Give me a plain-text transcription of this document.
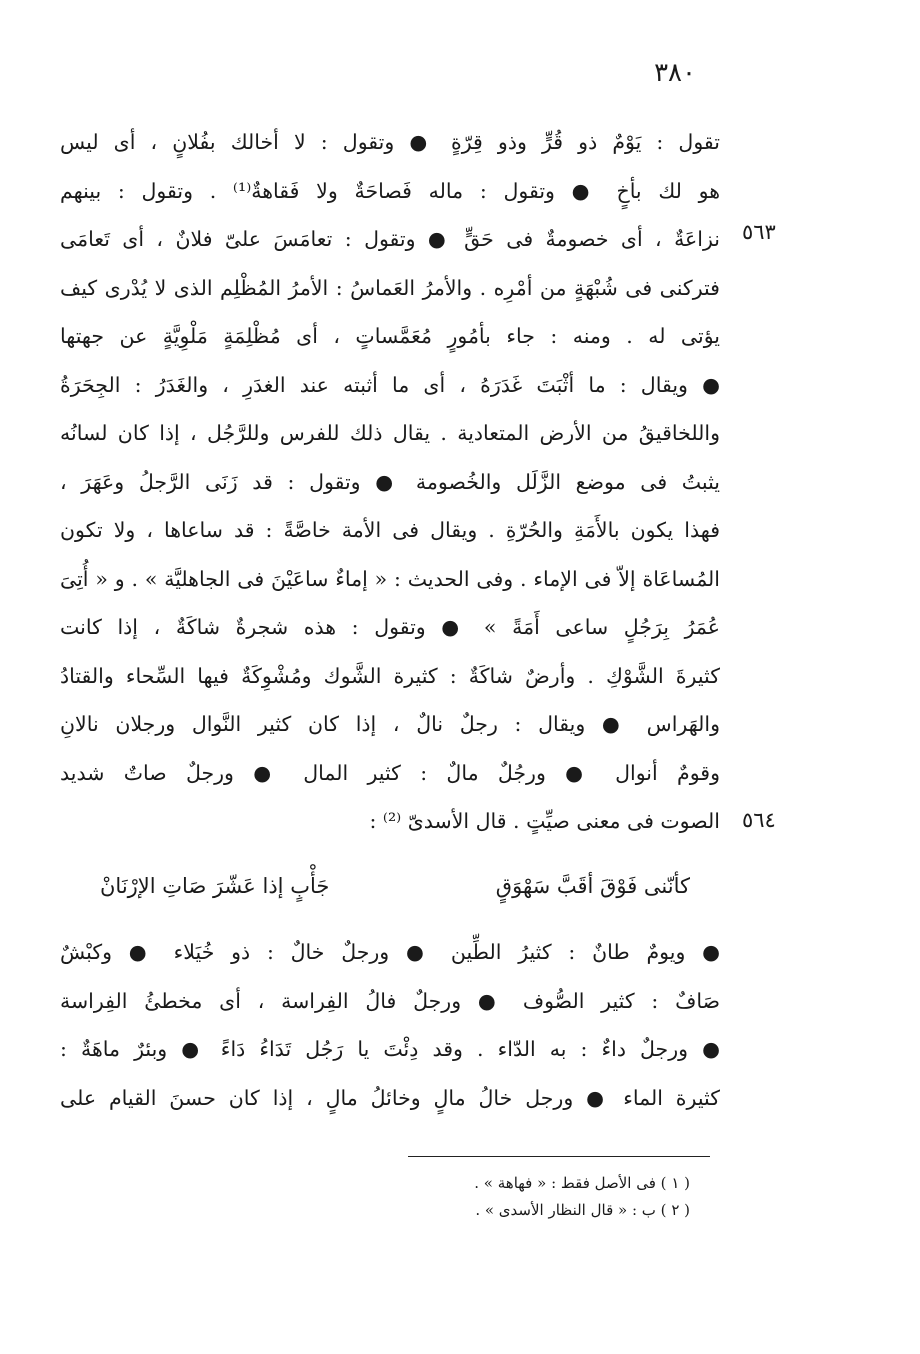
٣٨٠
٥٦٣
٥٦٤
تقول : يَوْمٌ ذو قُرٍّ وذو قِرّةٍ ● وتقول : لا أخالك بفُلانٍ ، أى ليس
هو لك بأخٍ ● وتقول : ماله فَصاحَةٌ ولا فَقاهةٌ⁽¹⁾ . وتقول : بينهم
نزاعَةٌ ، أى خصومةٌ فى حَقٍّ ● وتقول : تعامَسَ علىّ فلانٌ ، أى تَعامَى
فتركنى فى شُبْهَةٍ من أمْرِه . والأمرُ العَماسُ : الأمرُ المُظْلِم الذى لا يُدْرى كيف
يؤتى له . ومنه : جاء بأمُورٍ مُعَمَّساتٍ ، أى مُظْلِمَةٍ مَلْوِيَّةٍ عن جهتها
● ويقال : ما أثْبَتَ غَدَرَهُ ، أى ما أثبته عند الغدَرِ ، والغَدَرُ : الجِحَرَةُ
واللخاقيقُ من الأرض المتعادية . يقال ذلك للفرس وللرَّجُل ، إذا كان لسانُه
يثبتُ فى موضع الزَّلَل والخُصومة ● وتقول : قد زَنَى الرَّجلُ وعَهَرَ ،
فهذا يكون بالأَمَةِ والحُرّةِ . ويقال فى الأمة خاصَّةً : قد ساعاها ، ولا تكون
المُساعَاة إلاّ فى الإماء . وفى الحديث : « إماءٌ ساعَيْنَ فى الجاهليَّة » . و « أُتِىَ
عُمَرُ بِرَجُلٍ ساعى أَمَةً » ● وتقول : هذه شجرةٌ شاكَةٌ ، إذا كانت
كثيرةَ الشَّوْكِ . وأرضٌ شاكَةٌ : كثيرة الشَّوك ومُشْوِكَةٌ فيها السِّحاء والقتادُ
والهَراس ● ويقال : رجلٌ نالٌ ، إذا كان كثير النَّوال ورجلان نالانِ
وقومٌ أنوال ● ورجُلٌ مالٌ : كثير المال ● ورجلٌ صاتٌ شديد
الصوت فى معنى صيِّتٍ . قال الأسدىّ ⁽²⁾ :
كأنّنى فَوْقَ أقَبَّ سَهْوَقٍ
جَأْبٍ إذا عَشّرَ صَاتِ الإرْنَانْ
● ويومٌ طانٌ : كثيرُ الطِّين ● ورجلٌ خالٌ : ذو خُيَلاء ● وكبْشٌ
صَافٌ : كثير الصُّوف ● ورجلٌ فالُ الفِراسة ، أى مخطئُ الفِراسة
● ورجلٌ داءٌ : به الدّاء . وقد دِئْتَ يا رَجُل تَدَاءُ دَاءً ● وبئرٌ ماهَةٌ :
كثيرة الماء ● ورجل خالُ مالٍ وخائلُ مالٍ ، إذا كان حسنَ القيام على
( ١ ) فى الأصل فقط : « فهاهة » .
( ٢ ) ب : « قال النظار الأسدى » .
